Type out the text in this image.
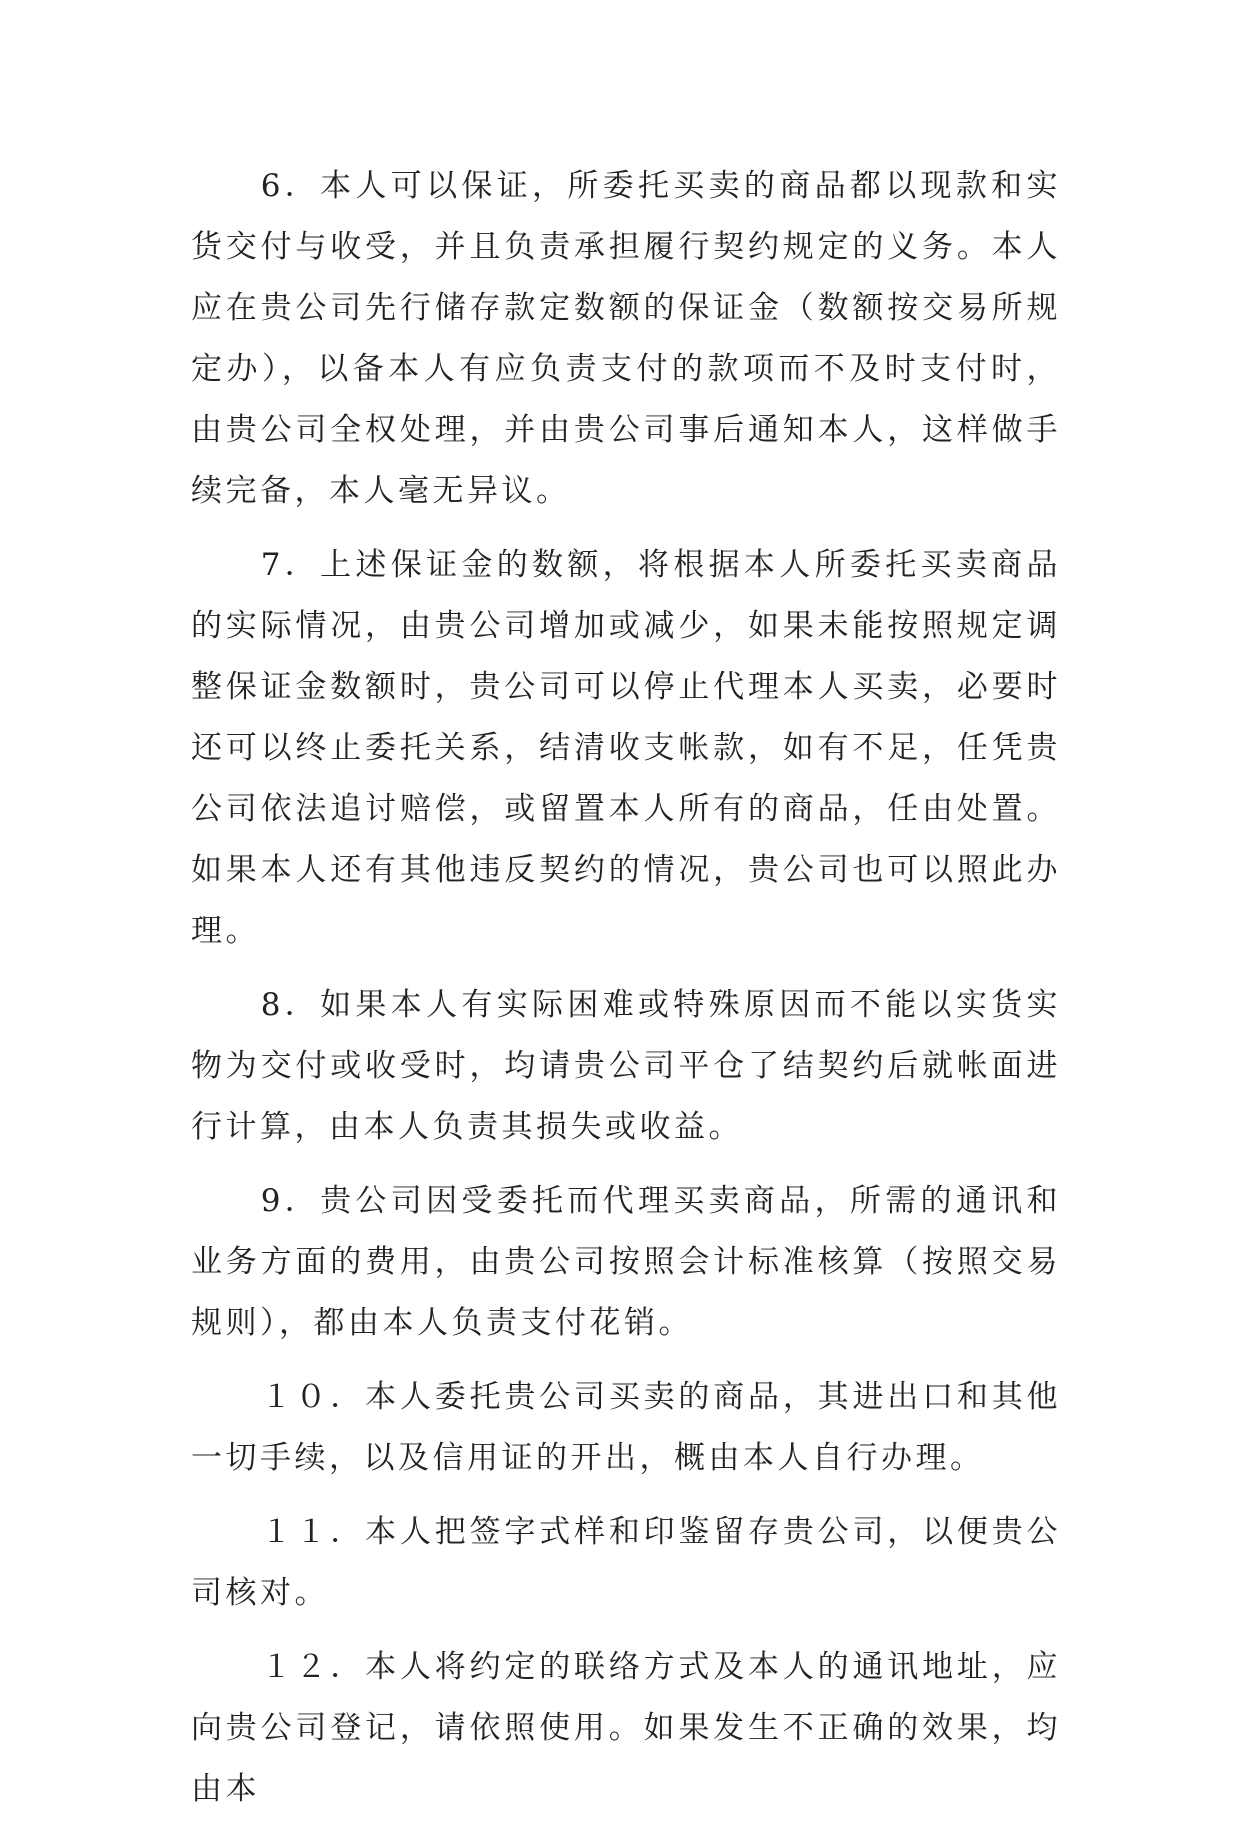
6．本人可以保证，所委托买卖的商品都以现款和实货交付与收受，并且负责承担履行契约规定的义务。本人应在贵公司先行储存款定数额的保证金（数额按交易所规定办），以备本人有应负责支付的款项而不及时支付时，由贵公司全权处理，并由贵公司事后通知本人，这样做手续完备，本人毫无异议。

7．上述保证金的数额，将根据本人所委托买卖商品的实际情况，由贵公司增加或减少，如果未能按照规定调整保证金数额时，贵公司可以停止代理本人买卖，必要时还可以终止委托关系，结清收支帐款，如有不足，任凭贵公司依法追讨赔偿，或留置本人所有的商品，任由处置。如果本人还有其他违反契约的情况，贵公司也可以照此办理。

8．如果本人有实际困难或特殊原因而不能以实货实物为交付或收受时，均请贵公司平仓了结契约后就帐面进行计算，由本人负责其损失或收益。

9．贵公司因受委托而代理买卖商品，所需的通讯和业务方面的费用，由贵公司按照会计标准核算（按照交易规则），都由本人负责支付花销。

１０．本人委托贵公司买卖的商品，其进出口和其他一切手续，以及信用证的开出，概由本人自行办理。

１１．本人把签字式样和印鉴留存贵公司，以便贵公司核对。

１２．本人将约定的联络方式及本人的通讯地址，应向贵公司登记，请依照使用。如果发生不正确的效果，均由本
